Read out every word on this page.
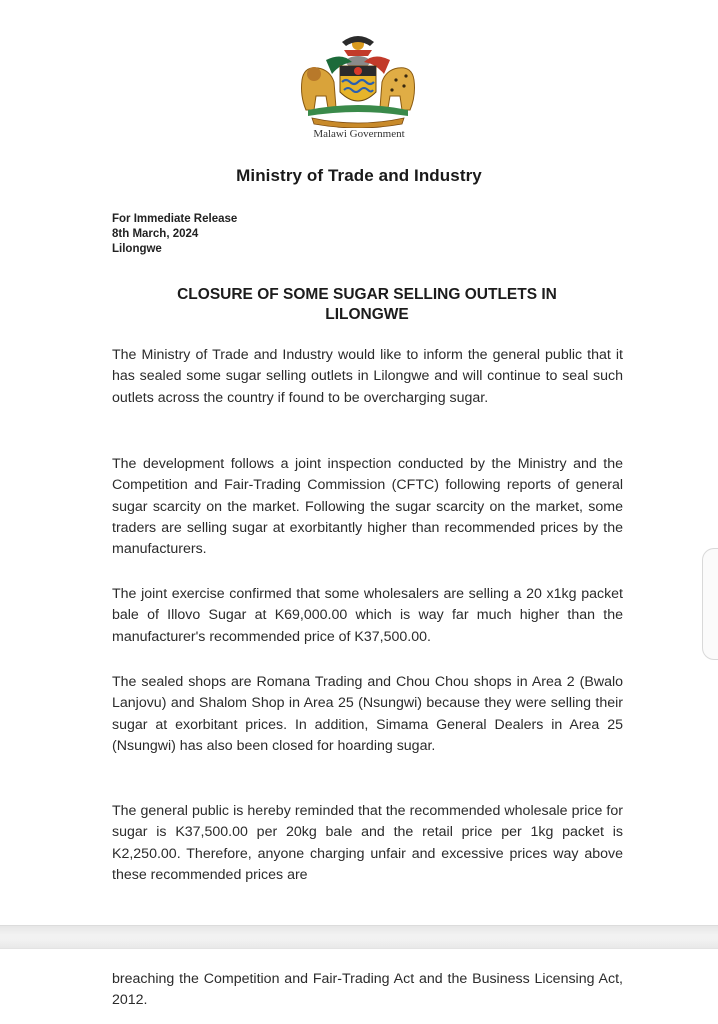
Malawi Government
Ministry of Trade and Industry
For Immediate Release
8th March, 2024
Lilongwe
CLOSURE OF SOME SUGAR SELLING OUTLETS IN
LILONGWE

The Ministry of Trade and Industry would like to inform the general public that it has sealed some sugar selling outlets in Lilongwe and will continue to seal such outlets across the country if found to be overcharging sugar.

The development follows a joint inspection conducted by the Ministry and the Competition and Fair-Trading Commission (CFTC) following reports of general sugar scarcity on the market. Following the sugar scarcity on the market, some traders are selling sugar at exorbitantly higher than recommended prices by the manufacturers.

The joint exercise confirmed that some wholesalers are selling a 20 x1kg packet bale of Illovo Sugar at K69,000.00 which is way far much higher than the manufacturer's recommended price of K37,500.00.

The sealed shops are Romana Trading and Chou Chou shops in Area 2 (Bwalo Lanjovu) and Shalom Shop in Area 25 (Nsungwi) because they were selling their sugar at exorbitant prices. In addition, Simama General Dealers in Area 25 (Nsungwi) has also been closed for hoarding sugar.

The general public is hereby reminded that the recommended wholesale price for sugar is K37,500.00 per 20kg bale and the retail price per 1kg packet is K2,250.00. Therefore, anyone charging unfair and excessive prices way above these recommended prices are

breaching the Competition and Fair-Trading Act and the Business Licensing Act, 2012.
